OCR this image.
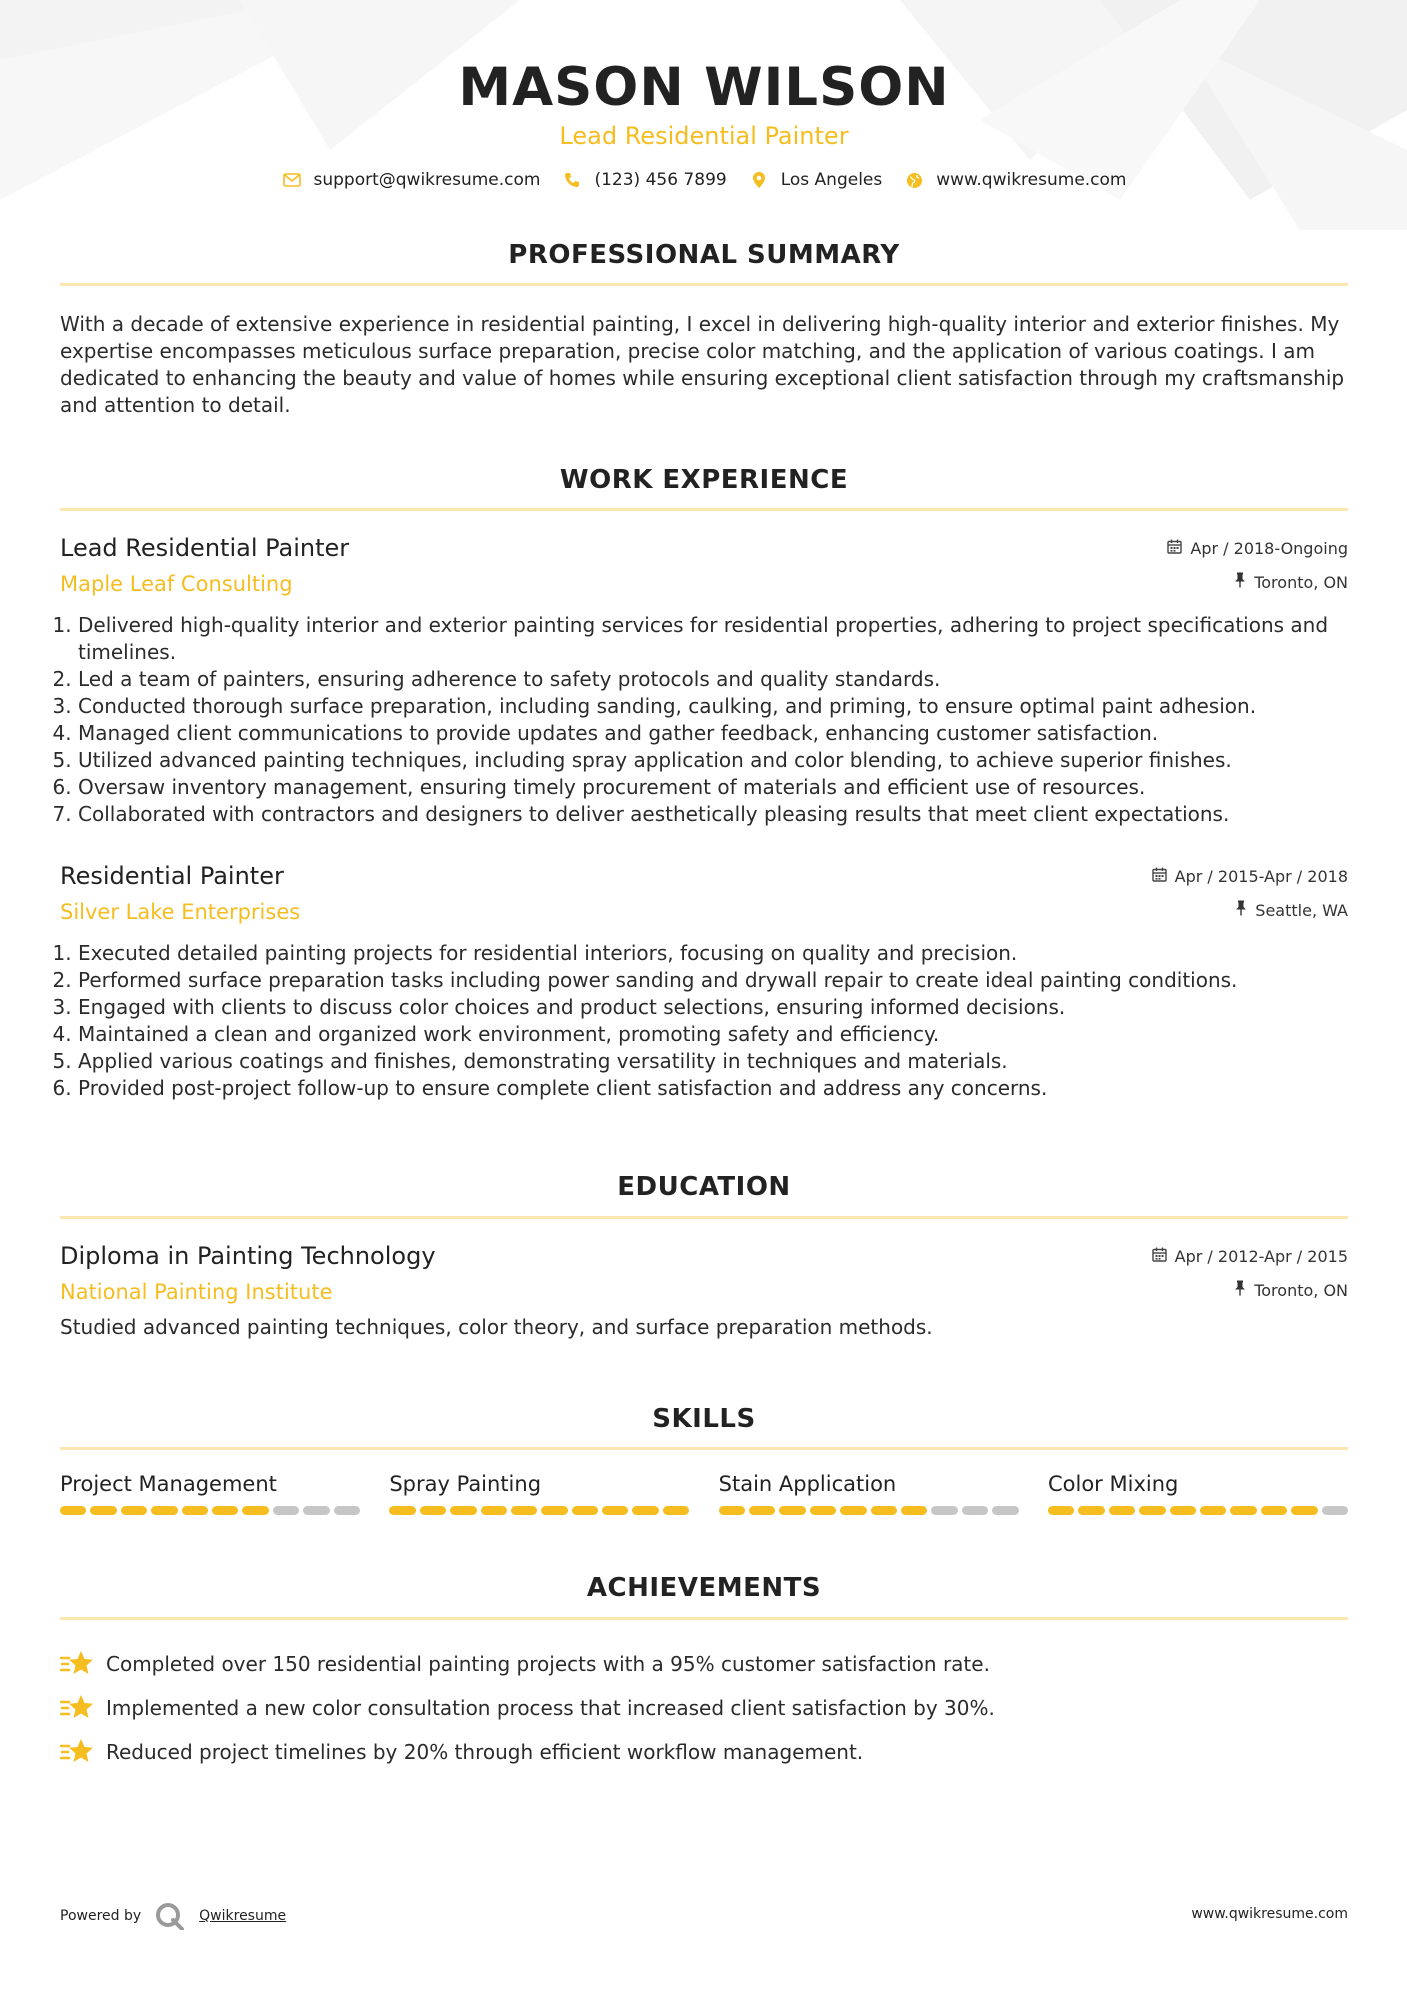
MASON WILSON
Lead Residential Painter
support@qwikresume.com	(123) 456 7899	Los Angeles	www.qwikresume.com
PROFESSIONAL SUMMARY

With a decade of extensive experience in residential painting, I excel in delivering high-quality interior and exterior finishes. My expertise encompasses meticulous surface preparation, precise color matching, and the application of various coatings. I am dedicated to enhancing the beauty and value of homes while ensuring exceptional client satisfaction through my craftsmanship and attention to detail.

WORK EXPERIENCE
Lead Residential Painter
Maple Leaf Consulting
Apr / 2018-Ongoing
Toronto, ON
1. Delivered high-quality interior and exterior painting services for residential properties, adhering to project specifications and timelines.
2. Led a team of painters, ensuring adherence to safety protocols and quality standards.
3. Conducted thorough surface preparation, including sanding, caulking, and priming, to ensure optimal paint adhesion.
4. Managed client communications to provide updates and gather feedback, enhancing customer satisfaction.
5. Utilized advanced painting techniques, including spray application and color blending, to achieve superior finishes.
6. Oversaw inventory management, ensuring timely procurement of materials and efficient use of resources.
7. Collaborated with contractors and designers to deliver aesthetically pleasing results that meet client expectations.
Residential Painter
Silver Lake Enterprises
Apr / 2015-Apr / 2018
Seattle, WA
1. Executed detailed painting projects for residential interiors, focusing on quality and precision.
2. Performed surface preparation tasks including power sanding and drywall repair to create ideal painting conditions.
3. Engaged with clients to discuss color choices and product selections, ensuring informed decisions.
4. Maintained a clean and organized work environment, promoting safety and efficiency.
5. Applied various coatings and finishes, demonstrating versatility in techniques and materials.
6. Provided post-project follow-up to ensure complete client satisfaction and address any concerns.
EDUCATION
Diploma in Painting Technology
National Painting Institute
Apr / 2012-Apr / 2015
Toronto, ON
Studied advanced painting techniques, color theory, and surface preparation methods.
SKILLS
Project Management	Spray Painting	Stain Application	Color Mixing
ACHIEVEMENTS
Completed over 150 residential painting projects with a 95% customer satisfaction rate.
Implemented a new color consultation process that increased client satisfaction by 30%.
Reduced project timelines by 20% through efficient workflow management.
Powered by	Qwikresume	www.qwikresume.com
